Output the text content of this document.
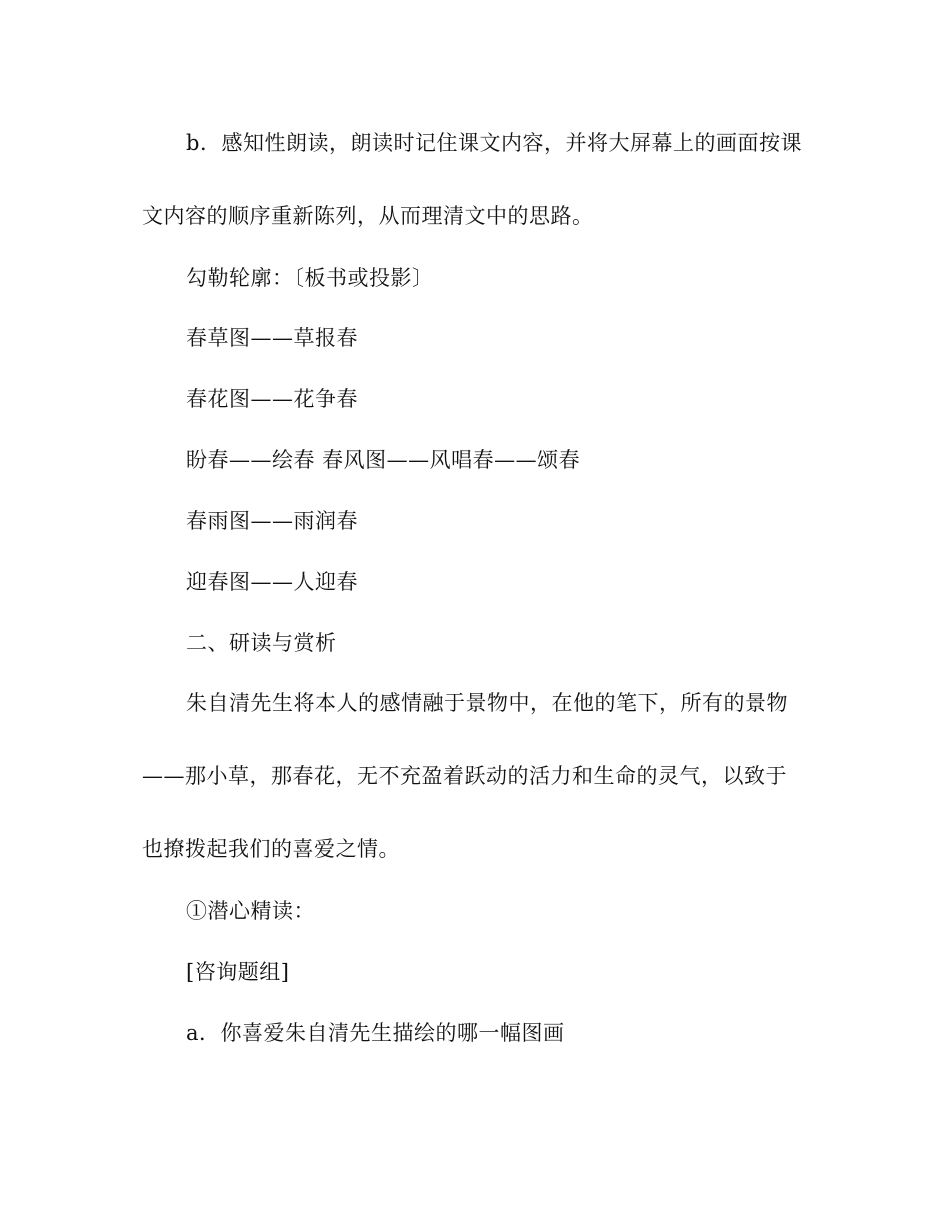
b．感知性朗读，朗读时记住课文内容，并将大屏幕上的画面按课
文内容的顺序重新陈列，从而理清文中的思路。
勾勒轮廓：〔板书或投影〕
春草图——草报春
春花图——花争春
盼春——绘春 春风图——风唱春——颂春
春雨图——雨润春
迎春图——人迎春
二、研读与赏析
朱自清先生将本人的感情融于景物中，在他的笔下，所有的景物
——那小草，那春花，无不充盈着跃动的活力和生命的灵气，以致于
也撩拨起我们的喜爱之情。
①潜心精读：
[咨询题组]
a．你喜爱朱自清先生描绘的哪一幅图画
